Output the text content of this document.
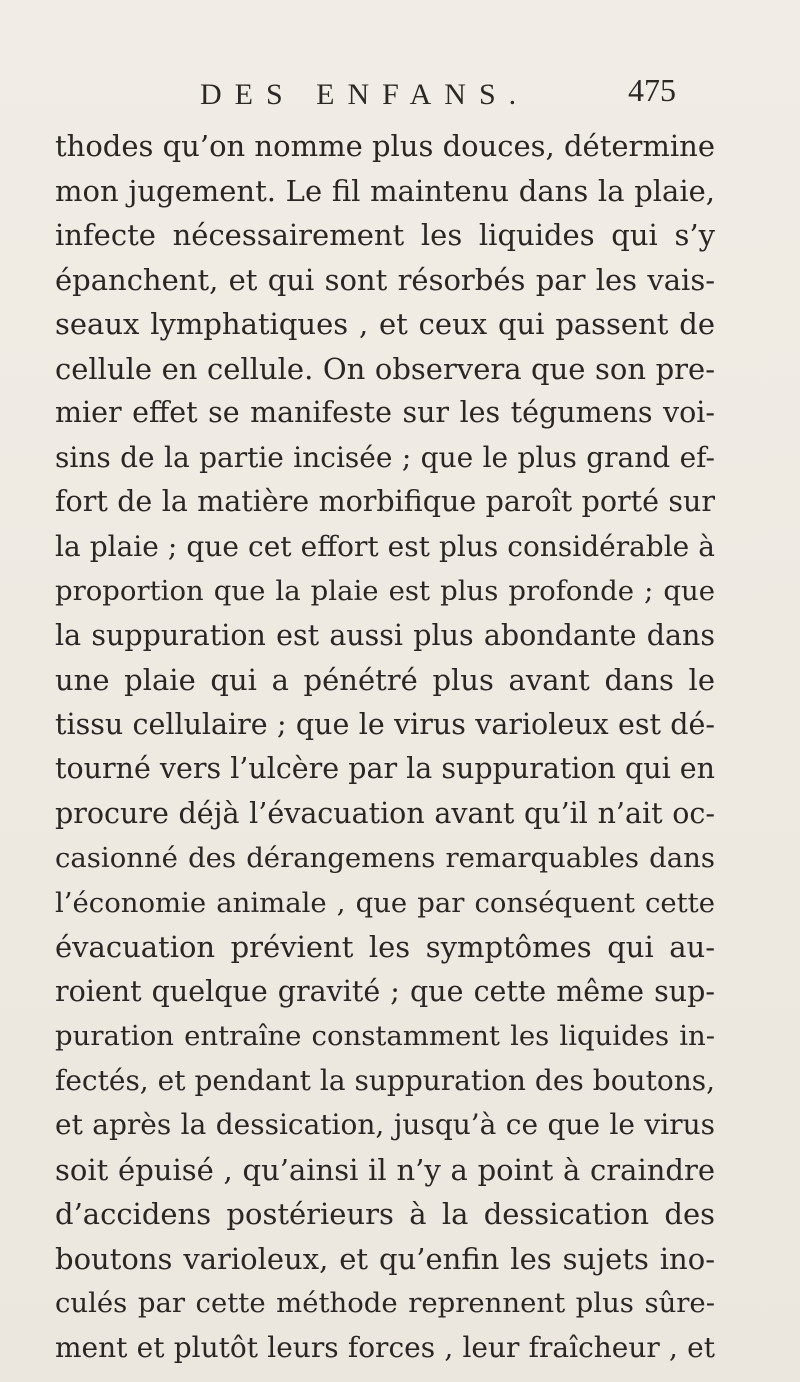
DES ENFANS.	475
thodes qu’on nomme plus douces, détermine
mon jugement. Le fil maintenu dans la plaie,
infecte nécessairement les liquides qui s’y
épanchent, et qui sont résorbés par les vais-
seaux lymphatiques , et ceux qui passent de
cellule en cellule. On observera que son pre-
mier effet se manifeste sur les tégumens voi-
sins de la partie incisée ; que le plus grand ef-
fort de la matière morbifique paroît porté sur
la plaie ; que cet effort est plus considérable à
proportion que la plaie est plus profonde ; que
la suppuration est aussi plus abondante dans
une plaie qui a pénétré plus avant dans le
tissu cellulaire ; que le virus varioleux est dé-
tourné vers l’ulcère par la suppuration qui en
procure déjà l’évacuation avant qu’il n’ait oc-
casionné des dérangemens remarquables dans
l’économie animale , que par conséquent cette
évacuation prévient les symptômes qui au-
roient quelque gravité ; que cette même sup-
puration entraîne constamment les liquides in-
fectés, et pendant la suppuration des boutons,
et après la dessication, jusqu’à ce que le virus
soit épuisé , qu’ainsi il n’y a point à craindre
d’accidens postérieurs à la dessication des
boutons varioleux, et qu’enfin les sujets ino-
culés par cette méthode reprennent plus sûre-
ment et plutôt leurs forces , leur fraîcheur , et
